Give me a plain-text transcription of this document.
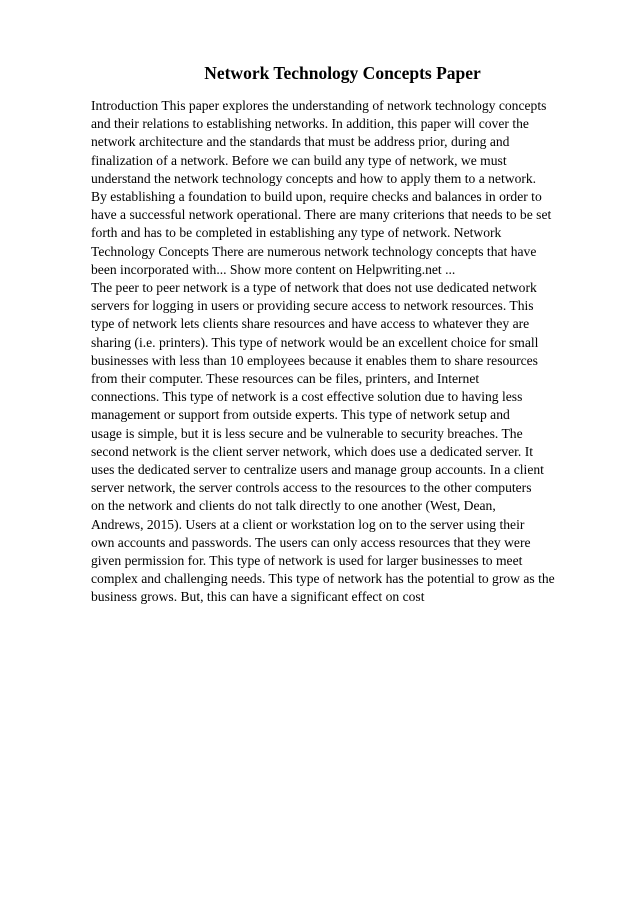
Network Technology Concepts Paper
Introduction This paper explores the understanding of network technology concepts
and their relations to establishing networks. In addition, this paper will cover the
network architecture and the standards that must be address prior, during and
finalization of a network. Before we can build any type of network, we must
understand the network technology concepts and how to apply them to a network.
By establishing a foundation to build upon, require checks and balances in order to
have a successful network operational. There are many criterions that needs to be set
forth and has to be completed in establishing any type of network. Network
Technology Concepts There are numerous network technology concepts that have
been incorporated with... Show more content on Helpwriting.net ...
The peer to peer network is a type of network that does not use dedicated network
servers for logging in users or providing secure access to network resources. This
type of network lets clients share resources and have access to whatever they are
sharing (i.e. printers). This type of network would be an excellent choice for small
businesses with less than 10 employees because it enables them to share resources
from their computer. These resources can be files, printers, and Internet
connections. This type of network is a cost effective solution due to having less
management or support from outside experts. This type of network setup and
usage is simple, but it is less secure and be vulnerable to security breaches. The
second network is the client server network, which does use a dedicated server. It
uses the dedicated server to centralize users and manage group accounts. In a client
server network, the server controls access to the resources to the other computers
on the network and clients do not talk directly to one another (West, Dean,
Andrews, 2015). Users at a client or workstation log on to the server using their
own accounts and passwords. The users can only access resources that they were
given permission for. This type of network is used for larger businesses to meet
complex and challenging needs. This type of network has the potential to grow as the
business grows. But, this can have a significant effect on cost
